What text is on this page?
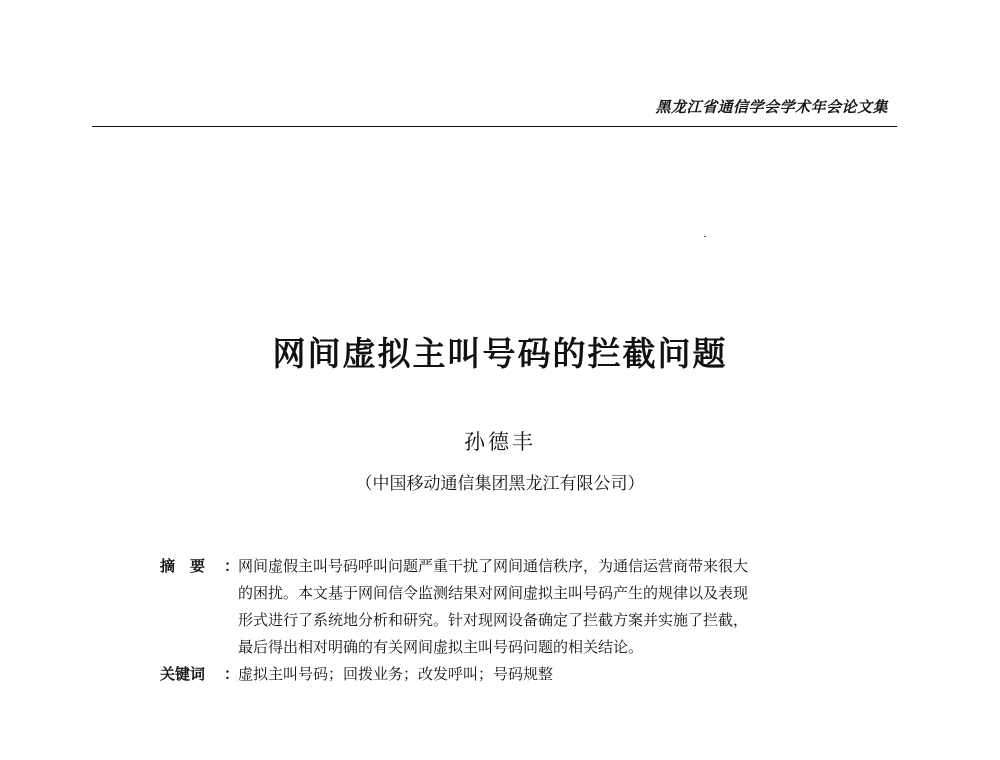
黑龙江省通信学会学术年会论文集
网间虚拟主叫号码的拦截问题
孙德丰
（中国移动通信集团黑龙江有限公司）
摘　要	：
网间虚假主叫号码呼叫问题严重干扰了网间通信秩序，为通信运营商带来很大
的困扰。本文基于网间信令监测结果对网间虚拟主叫号码产生的规律以及表现
形式进行了系统地分析和研究。针对现网设备确定了拦截方案并实施了拦截，
最后得出相对明确的有关网间虚拟主叫号码问题的相关结论。
关键词	：
虚拟主叫号码；回拨业务；改发呼叫；号码规整
